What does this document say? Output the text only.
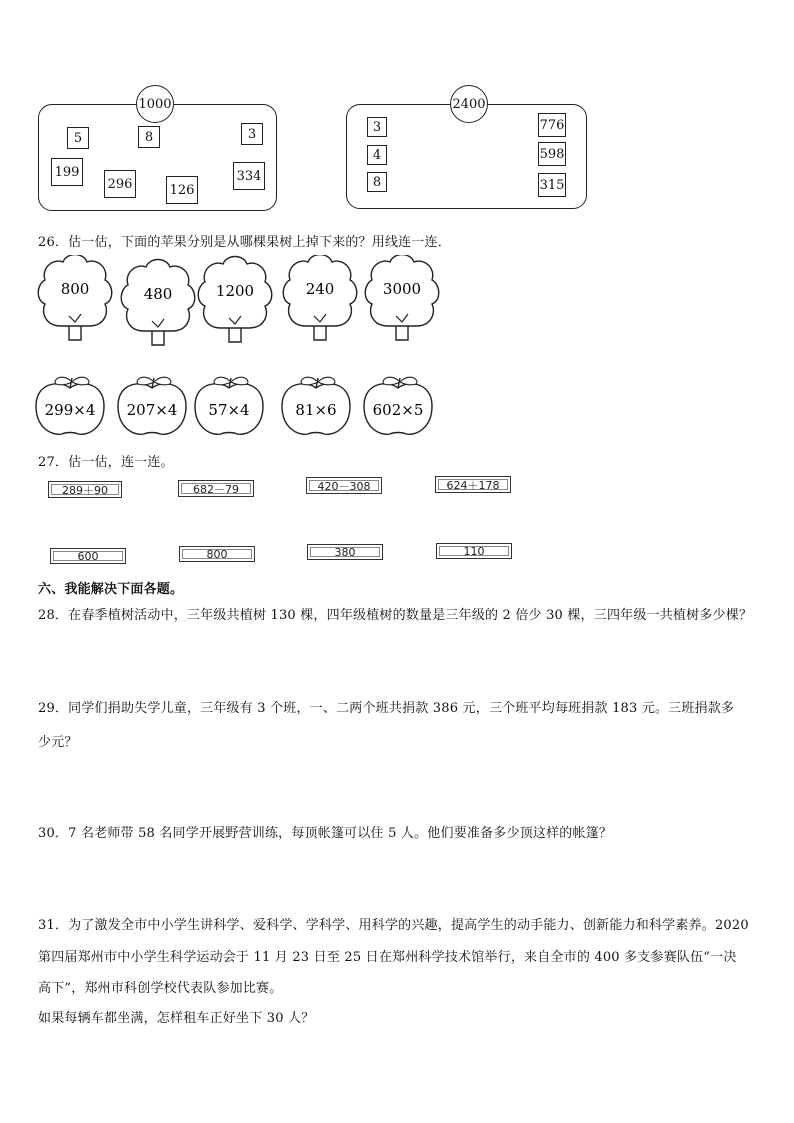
1000
5	8	3
199
296	126
334
2400
3
4
8
776
598
315
26．估一估，下面的苹果分别是从哪棵果树上掉下来的？用线连一连．
800	480	1200	240	3000
299×4 207×4 57×4	81×6 602×5
27．估一估，连一连。
289＋90	682－79	420－308	624＋178
600	800	380	110
六、我能解决下面各题。
28．在春季植树活动中，三年级共植树 130 棵，四年级植树的数量是三年级的 2 倍少 30 棵，三四年级一共植树多少棵？
29．同学们捐助失学儿童，三年级有 3 个班，一、二两个班共捐款 386 元，三个班平均每班捐款 183 元。三班捐款多
少元？
30．7 名老师带 58 名同学开展野营训练，每顶帐篷可以住 5 人。他们要准备多少顶这样的帐篷？
31．为了激发全市中小学生讲科学、爱科学、学科学、用科学的兴趣，提高学生的动手能力、创新能力和科学素养。2020
第四届郑州市中小学生科学运动会于 11 月 23 日至 25 日在郑州科学技术馆举行，来自全市的 400 多支参赛队伍“一决
高下”，郑州市科创学校代表队参加比赛。
如果每辆车都坐满，怎样租车正好坐下 30 人？
